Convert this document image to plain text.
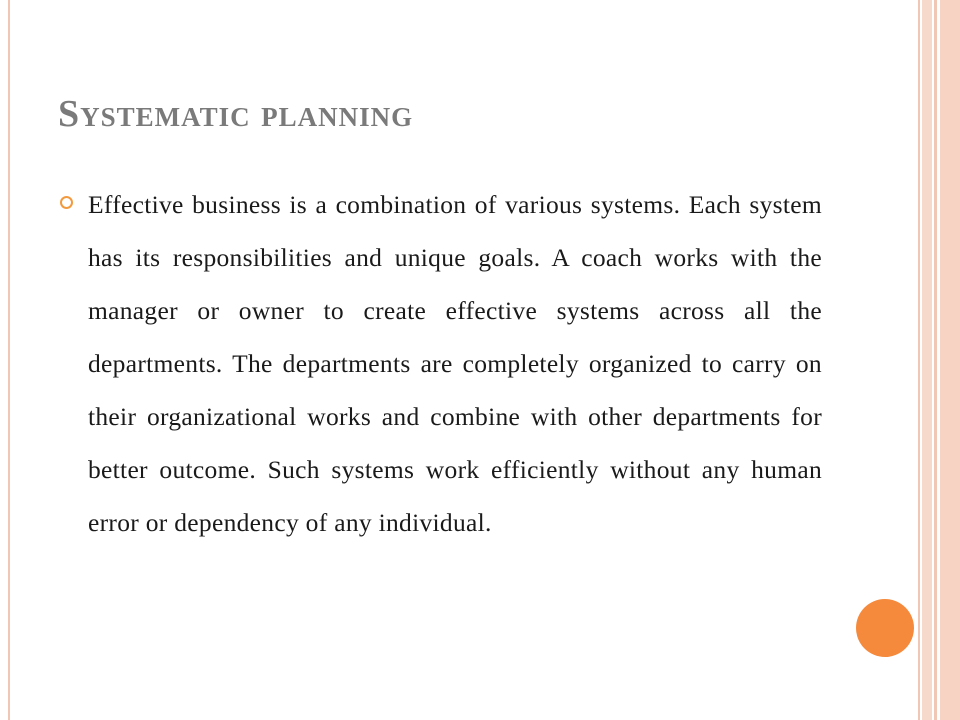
Systematic planning

Effective business is a combination of various systems. Each system has its responsibilities and unique goals. A coach works with the manager or owner to create effective systems across all the departments. The departments are completely organized to carry on their organizational works and combine with other departments for better outcome. Such systems work efficiently without any human error or dependency of any individual.
